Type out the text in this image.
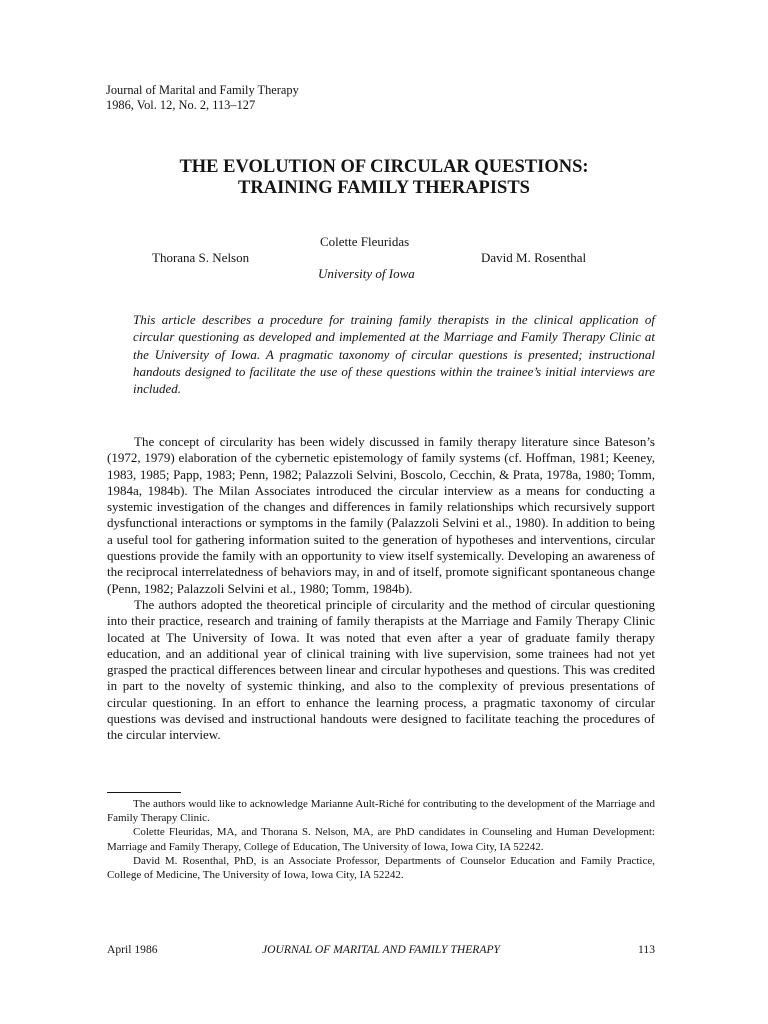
Journal of Marital and Family Therapy
1986, Vol. 12, No. 2, 113–127
THE EVOLUTION OF CIRCULAR QUESTIONS:
TRAINING FAMILY THERAPISTS
Thorana S. Nelson
Colette Fleuridas
University of Iowa
David M. Rosenthal

This article describes a procedure for training family therapists in the clinical application of circular questioning as developed and implemented at the Marriage and Family Therapy Clinic at the University of Iowa. A pragmatic taxonomy of circular questions is presented; instructional handouts designed to facilitate the use of these questions within the trainee’s initial interviews are included.

The concept of circularity has been widely discussed in family therapy literature since Bateson’s (1972, 1979) elaboration of the cybernetic epistemology of family systems (cf. Hoffman, 1981; Keeney, 1983, 1985; Papp, 1983; Penn, 1982; Palazzoli Selvini, Boscolo, Cecchin, & Prata, 1978a, 1980; Tomm, 1984a, 1984b). The Milan Associates introduced the circular interview as a means for conducting a systemic investigation of the changes and differences in family relationships which recursively support dysfunctional interactions or symptoms in the family (Palazzoli Selvini et al., 1980). In addition to being a useful tool for gathering information suited to the generation of hypotheses and interventions, circular questions provide the family with an opportunity to view itself systemically. Developing an awareness of the reciprocal interrelatedness of behaviors may, in and of itself, promote significant spontaneous change (Penn, 1982; Palazzoli Selvini et al., 1980; Tomm, 1984b).

The authors adopted the theoretical principle of circularity and the method of circular questioning into their practice, research and training of family therapists at the Marriage and Family Therapy Clinic located at The University of Iowa. It was noted that even after a year of graduate family therapy education, and an additional year of clinical training with live supervision, some trainees had not yet grasped the practical differences between linear and circular hypotheses and questions. This was credited in part to the novelty of systemic thinking, and also to the complexity of previous presentations of circular questioning. In an effort to enhance the learning process, a pragmatic taxonomy of circular questions was devised and instructional handouts were designed to facilitate teaching the procedures of the circular interview.

The authors would like to acknowledge Marianne Ault-Riché for contributing to the development of the Marriage and Family Therapy Clinic.

Colette Fleuridas, MA, and Thorana S. Nelson, MA, are PhD candidates in Counseling and Human Development: Marriage and Family Therapy, College of Education, The University of Iowa, Iowa City, IA 52242.

David M. Rosenthal, PhD, is an Associate Professor, Departments of Counselor Education and Family Practice, College of Medicine, The University of Iowa, Iowa City, IA 52242.

JOURNAL OF MARITAL AND FAMILY THERAPY
April 1986	113
